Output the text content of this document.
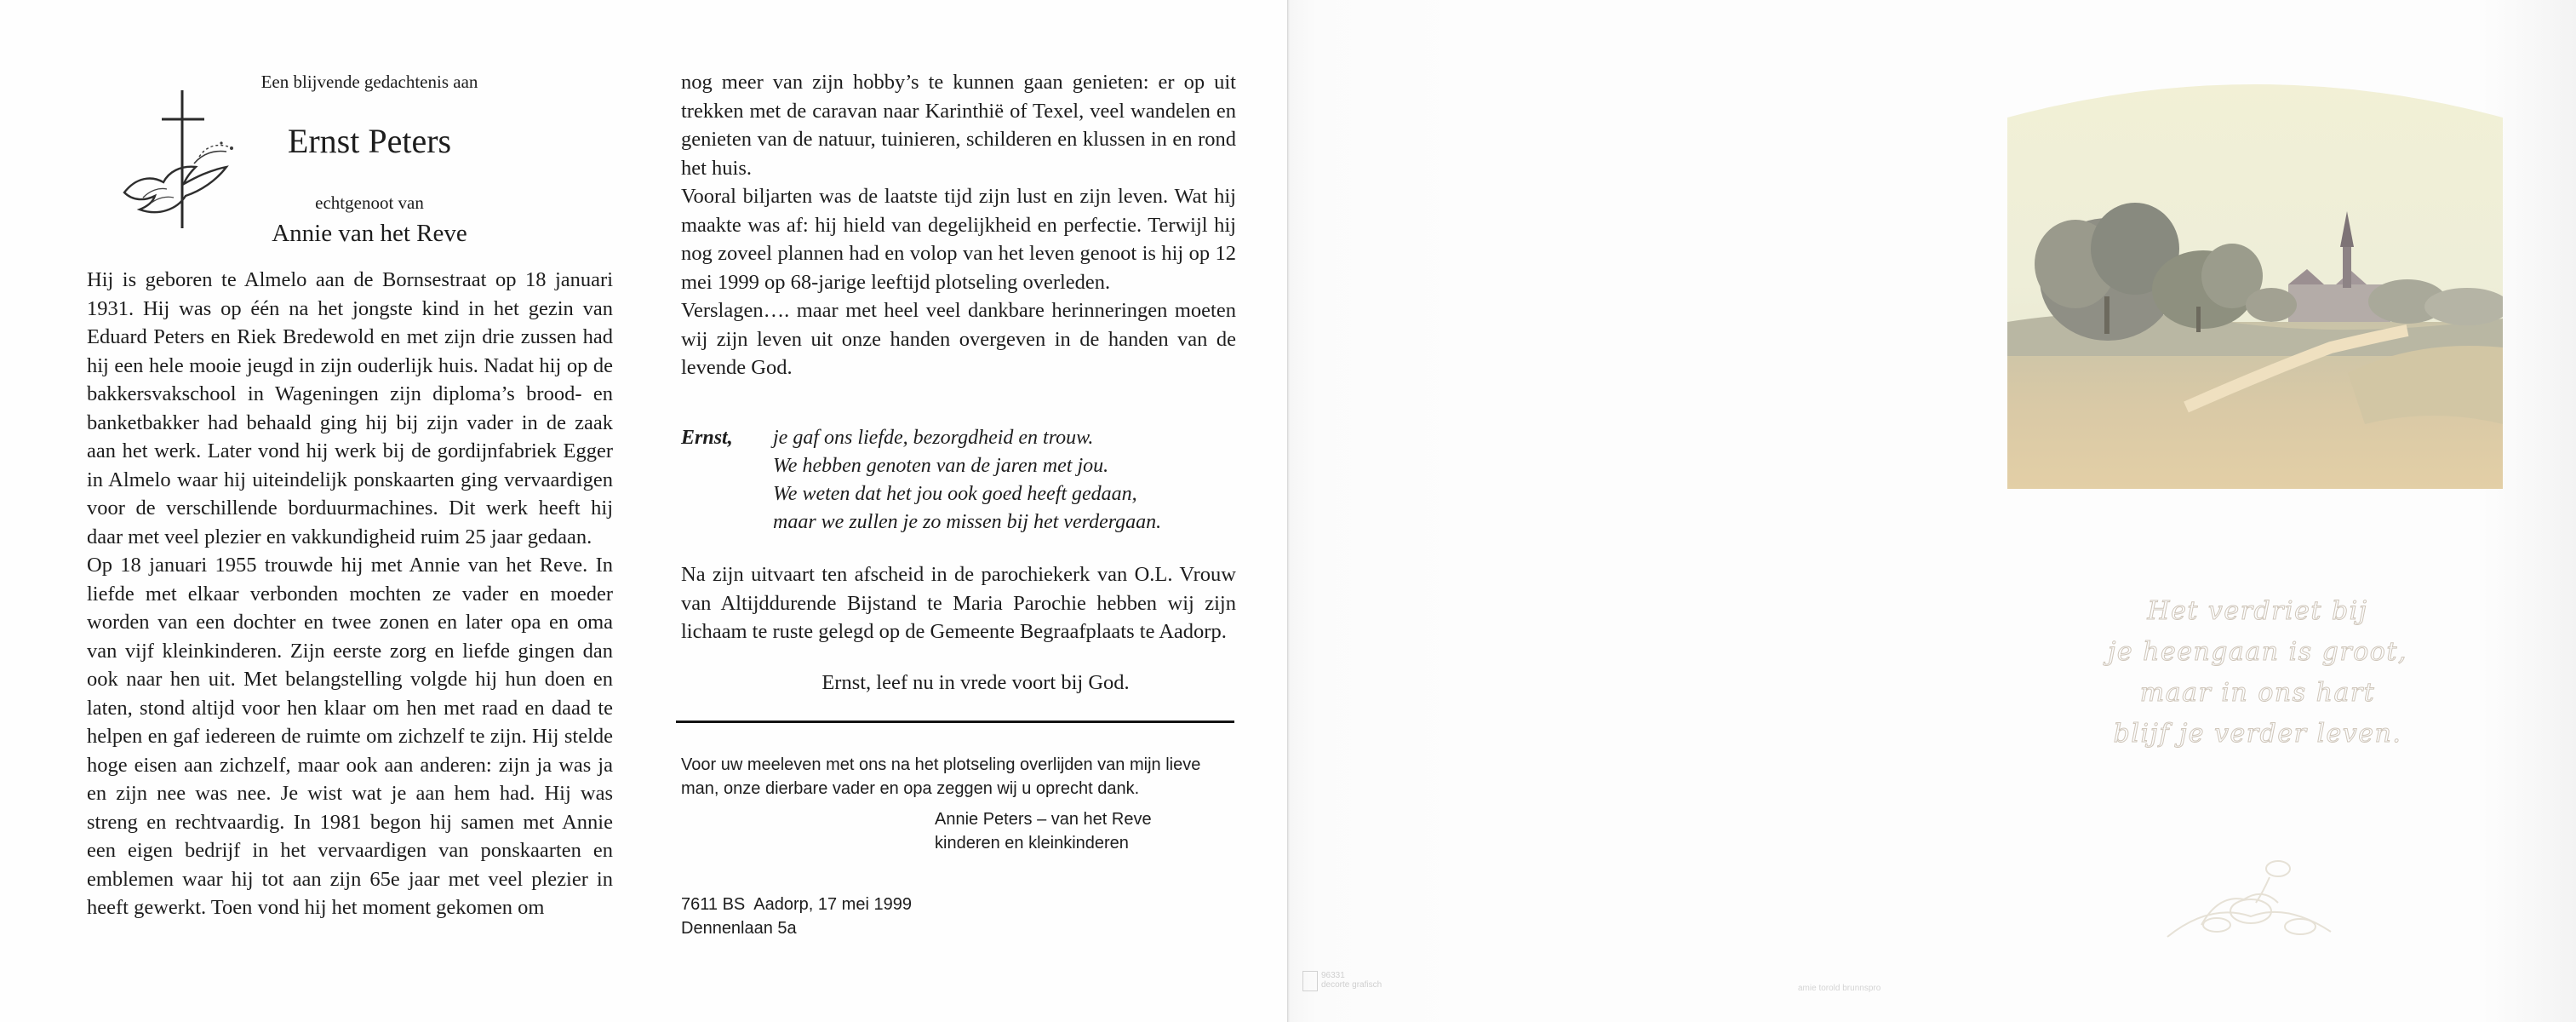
Een blijvende gedachtenis aan
Ernst Peters
echtgenoot van
Annie van het Reve

Hij is geboren te Almelo aan de Bornsestraat op 18 januari 1931. Hij was op één na het jongste kind in het gezin van Eduard Peters en Riek Bredewold en met zijn drie zussen had hij een hele mooie jeugd in zijn ouderlijk huis. Nadat hij op de bakkersvakschool in Wageningen zijn diploma’s brood- en banketbakker had behaald ging hij bij zijn vader in de zaak aan het werk. Later vond hij werk bij de gordijnfabriek Egger in Almelo waar hij uiteindelijk ponskaarten ging vervaardigen voor de verschillende borduurmachines. Dit werk heeft hij daar met veel plezier en vakkundigheid ruim 25 jaar gedaan.

Op 18 januari 1955 trouwde hij met Annie van het Reve. In liefde met elkaar verbonden mochten ze vader en moeder worden van een dochter en twee zonen en later opa en oma van vijf kleinkinderen. Zijn eerste zorg en liefde gingen dan ook naar hen uit. Met belangstelling volgde hij hun doen en laten, stond altijd voor hen klaar om hen met raad en daad te helpen en gaf iedereen de ruimte om zichzelf te zijn. Hij stelde hoge eisen aan zichzelf, maar ook aan anderen: zijn ja was ja en zijn nee was nee. Je wist wat je aan hem had. Hij was streng en rechtvaardig. In 1981 begon hij samen met Annie een eigen bedrijf in het vervaardigen van ponskaarten en emblemen waar hij tot aan zijn 65e jaar met veel plezier in heeft gewerkt. Toen vond hij het moment gekomen om

nog meer van zijn hobby’s te kunnen gaan genieten: er op uit trekken met de caravan naar Karinthië of Texel, veel wandelen en genieten van de natuur, tuinieren, schilderen en klussen in en rond het huis.

Vooral biljarten was de laatste tijd zijn lust en zijn leven. Wat hij maakte was af: hij hield van degelijkheid en perfectie. Terwijl hij nog zoveel plannen had en volop van het leven genoot is hij op 12 mei 1999 op 68-jarige leeftijd plotseling overleden.

Verslagen…. maar met heel veel dankbare herinneringen moeten wij zijn leven uit onze handen overgeven in de handen van de levende God.

Ernst, je gaf ons liefde, bezorgdheid en trouw.
We hebben genoten van de jaren met jou.
We weten dat het jou ook goed heeft gedaan,
maar we zullen je zo missen bij het verdergaan.
Na zijn uitvaart ten afscheid in de parochiekerk van O.L. Vrouw van Altijddurende Bijstand te Maria Parochie hebben wij zijn lichaam te ruste gelegd op de Gemeente Begraafplaats te Aadorp.
Ernst, leef nu in vrede voort bij God.
Voor uw meeleven met ons na het plotseling overlijden van mijn lieve man, onze dierbare vader en opa zeggen wij u oprecht dank.
Annie Peters – van het Reve
kinderen en kleinkinderen
7611 BS  Aadorp, 17 mei 1999
Dennenlaan 5a
Het verdriet bij
je heengaan is groot,
maar in ons hart
blijf je verder leven.
96331
decorte grafisch	amie torold brunnspro
